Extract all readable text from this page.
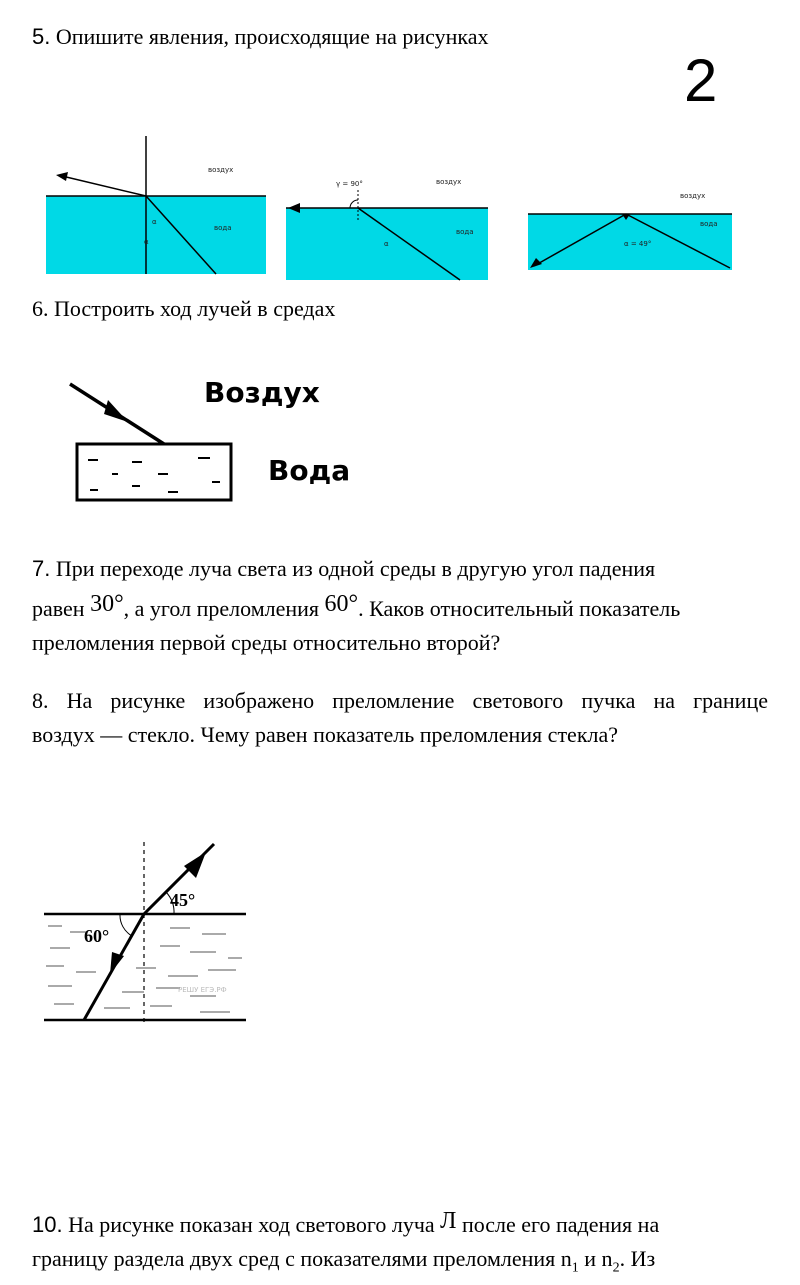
5. Опишите явления, происходящие на рисунках
2
воздух
вода
α
α
γ = 90°	воздух
вода
α
воздух
вода
α = 49°
6. Построить ход лучей в средах
Воздух
Вода
7. При переходе луча света из одной среды в другую угол падения
равен 30°, а угол преломления 60°. Каков относительный показатель
преломления первой среды относительно второй?
8. На рисунке изображено преломление светового пучка на границе
воздух — стекло. Чему равен показатель преломления стекла?
45°
60°
РЕШУ ЕГЭ.РФ
10. На рисунке показан ход светового луча Л после его падения на
границу раздела двух сред с показателями преломления $n_1$ и $n_2$. Из
